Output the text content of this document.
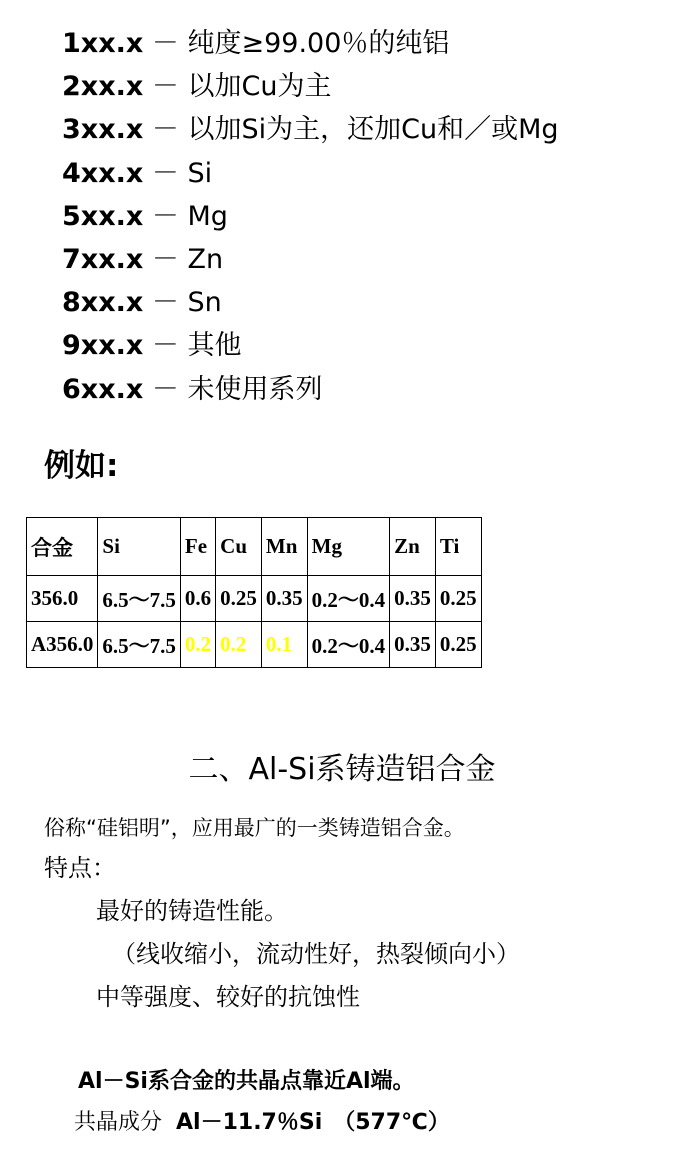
1xx.x － 纯度≥99.00％的纯铝
2xx.x － 以加Cu为主
3xx.x － 以加Si为主，还加Cu和／或Mg
4xx.x － Si
5xx.x － Mg
7xx.x － Zn
8xx.x － Sn
9xx.x － 其他
6xx.x － 未使用系列
例如:
合金	Si	Fe	Cu	Mn	Mg	Zn	Ti
356.0	6.5～7.5	0.6	0.25	0.35	0.2～0.4	0.35	0.25
A356.0	6.5～7.5	0.2	0.2	0.1	0.2～0.4	0.35	0.25
二、Al-Si系铸造铝合金
俗称“硅铝明”，应用最广的一类铸造铝合金。
特点：
最好的铸造性能。
（线收缩小，流动性好，热裂倾向小）
中等强度、较好的抗蚀性
Al－Si系合金的共晶点靠近Al端。
共晶成分 Al－11.7％Si　（577℃）
